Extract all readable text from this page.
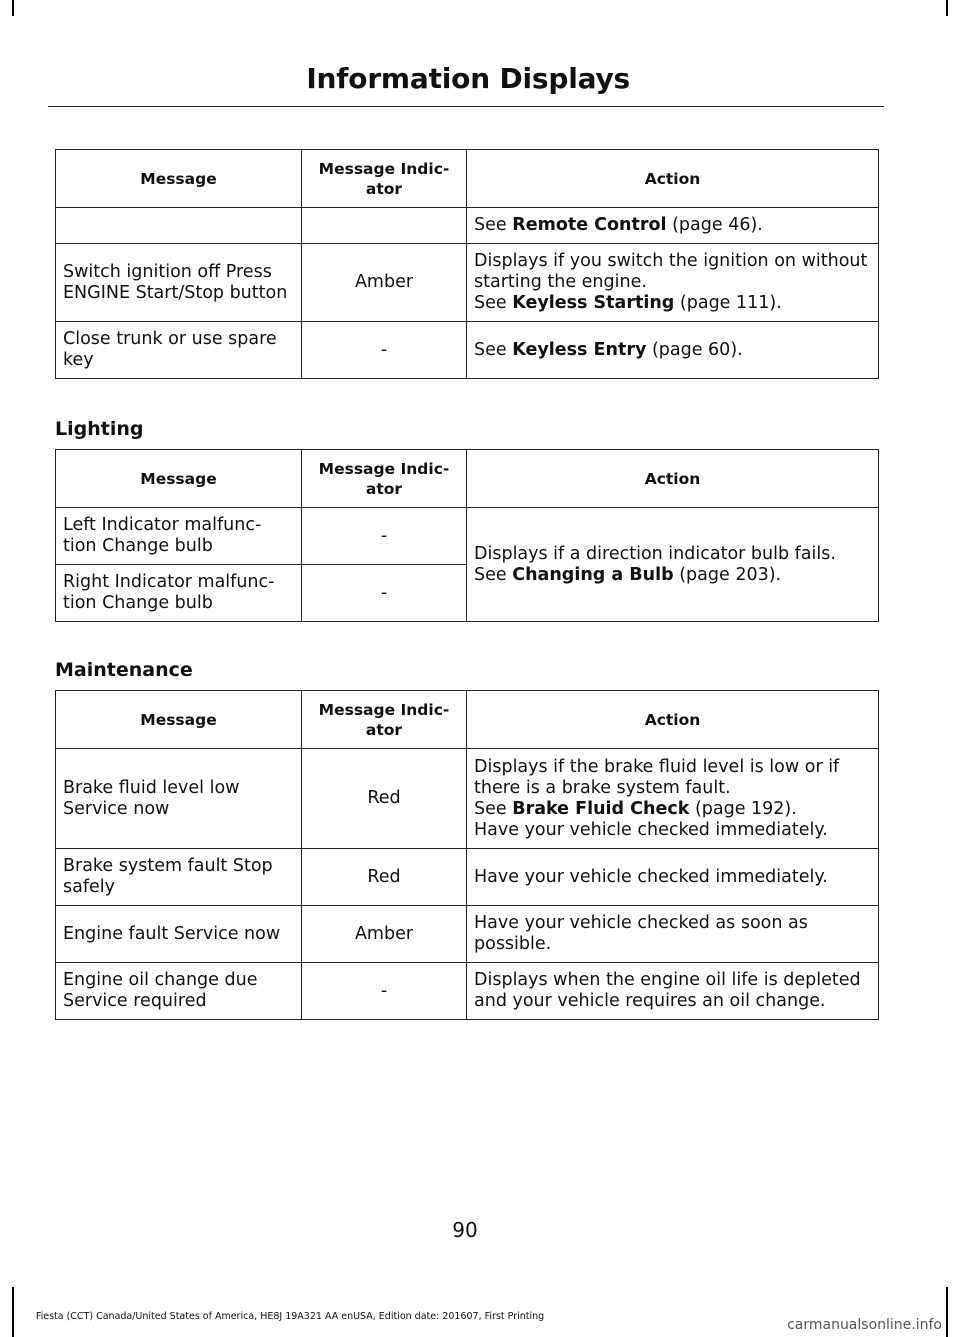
Information Displays
Message	Message Indic-ator	Action
		See Remote Control (page 46).
Switch ignition off Press ENGINE Start/Stop button	Amber	Displays if you switch the ignition on without starting the engine.
See Keyless Starting (page 111).
Close trunk or use spare key	-	See Keyless Entry (page 60).
Lighting
Message	Message Indic-ator	Action
Left Indicator malfunc-tion Change bulb	-	Displays if a direction indicator bulb fails.
See Changing a Bulb (page 203).
Right Indicator malfunc-tion Change bulb	-	
Maintenance
Message	Message Indic-ator	Action
Brake fluid level low Service now	Red	Displays if the brake fluid level is low or if there is a brake system fault.
See Brake Fluid Check (page 192).
Have your vehicle checked immediately.

Brake system fault Stop safely	Red	Have your vehicle checked immediately.
Engine fault Service now	Amber	Have your vehicle checked as soon as possible.
Engine oil change due Service required	-	Displays when the engine oil life is depleted and your vehicle requires an oil change.
90
Fiesta (CCT) Canada/United States of America, HE8J 19A321 AA enUSA, Edition date: 201607, First Printing
carmanualsonline.info
